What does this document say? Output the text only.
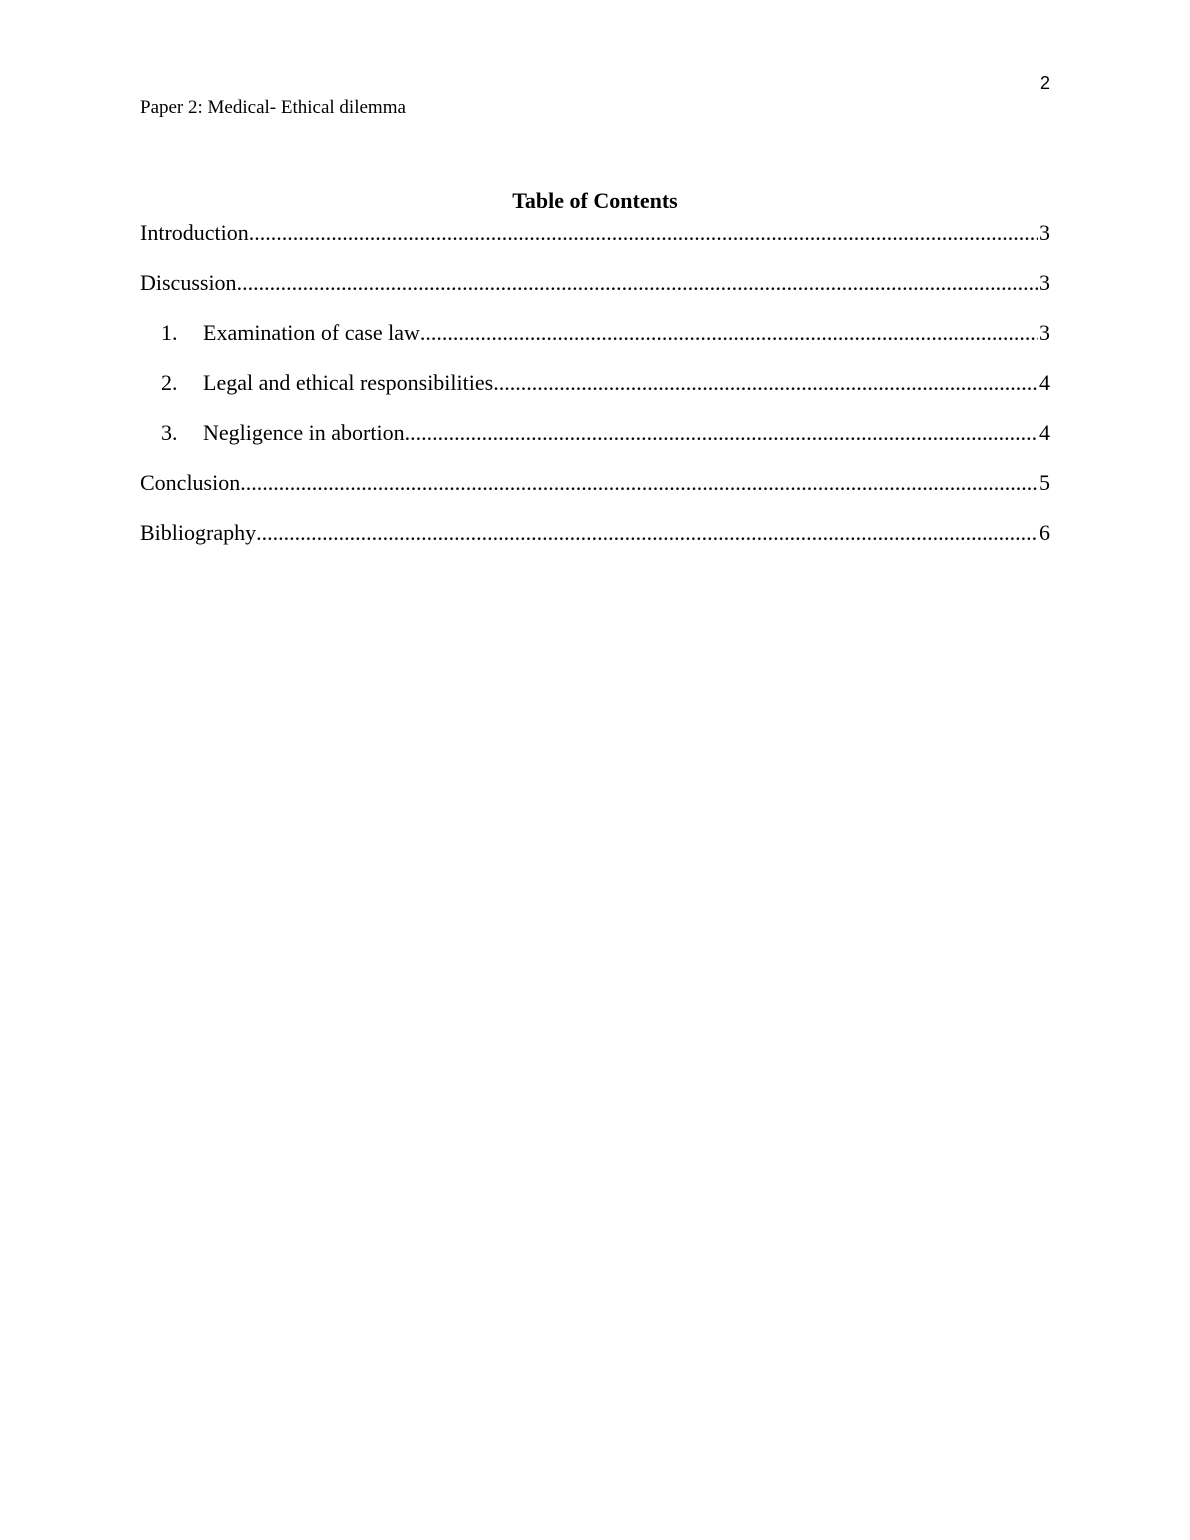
2
Paper 2: Medical- Ethical dilemma
Table of Contents
Introduction .....	3
Discussion .....	3
1.	Examination of case law .....	3
2.	Legal and ethical responsibilities .....	4
3.	Negligence in abortion .....	4
Conclusion .....	5
Bibliography .....	6
